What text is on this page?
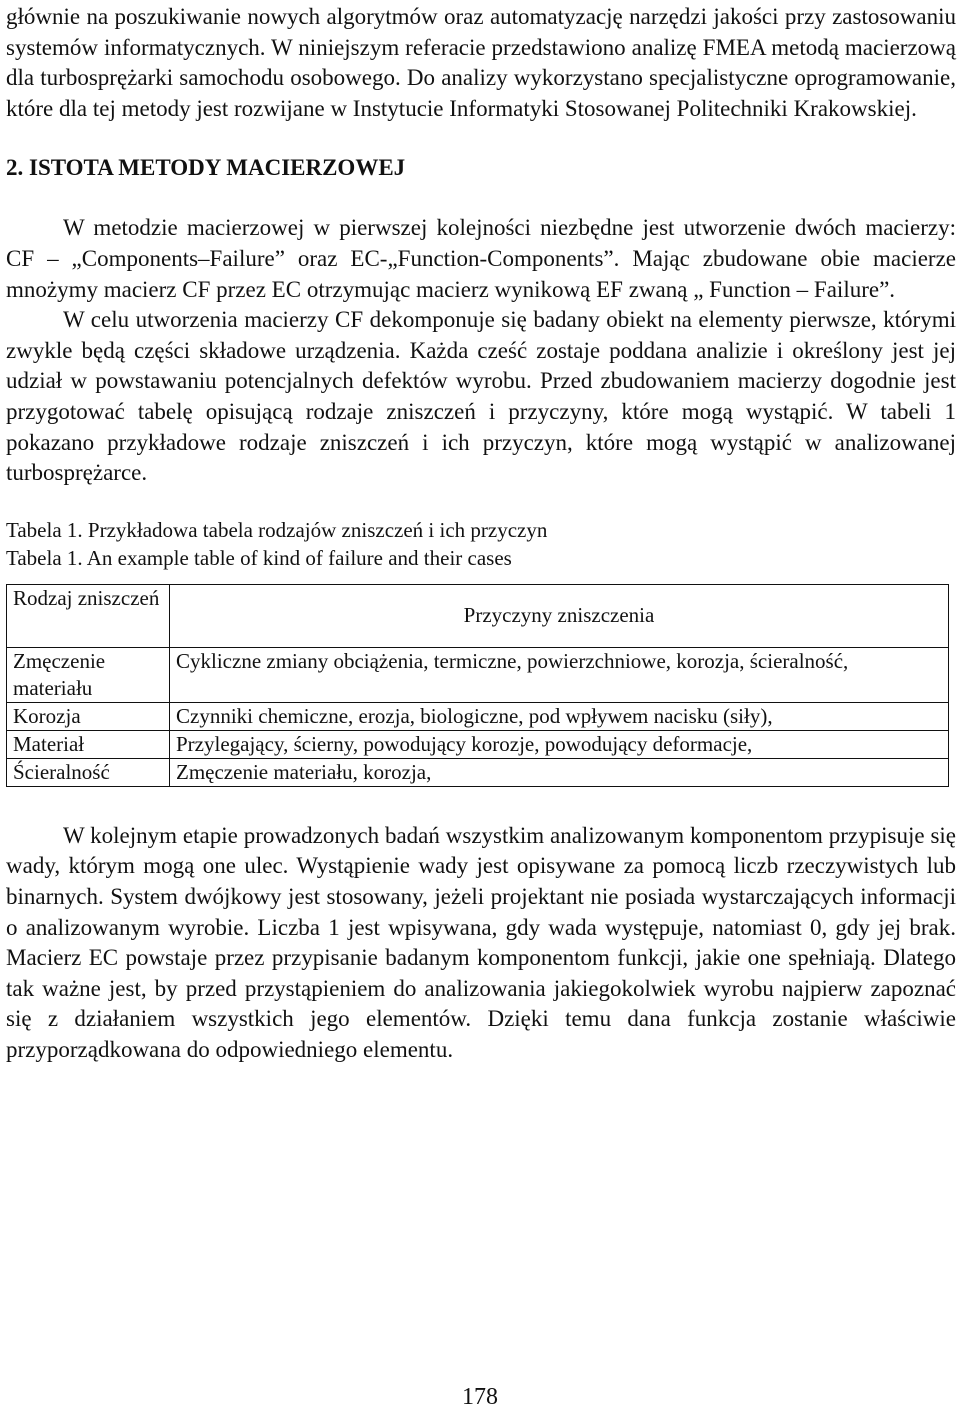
głównie na poszukiwanie nowych algorytmów oraz automatyzację narzędzi jakości przy zastosowaniu systemów informatycznych. W niniejszym referacie przedstawiono analizę FMEA metodą macierzową dla turbosprężarki samochodu osobowego. Do analizy wykorzystano specjalistyczne oprogramowanie, które dla tej metody jest rozwijane w Instytucie Informatyki Stosowanej Politechniki Krakowskiej.

2. ISTOTA METODY MACIERZOWEJ

W metodzie macierzowej w pierwszej kolejności niezbędne jest utworzenie dwóch macierzy: CF – „Components–Failure” oraz EC-„Function-Components”. Mając zbudowane obie macierze mnożymy macierz CF przez EC otrzymując macierz wynikową EF zwaną „ Function – Failure”.

W celu utworzenia macierzy CF dekomponuje się badany obiekt na elementy pierwsze, którymi zwykle będą części składowe urządzenia. Każda cześć zostaje poddana analizie i określony jest jej udział w powstawaniu potencjalnych defektów wyrobu. Przed zbudowaniem macierzy dogodnie jest przygotować tabelę opisującą rodzaje zniszczeń i przyczyny, które mogą wystąpić. W tabeli 1 pokazano przykładowe rodzaje zniszczeń i ich przyczyn, które mogą wystąpić w analizowanej turbosprężarce.

Tabela 1. Przykładowa tabela rodzajów zniszczeń i ich przyczyn

Tabela 1. An example table of kind of failure and their cases

Rodzaj zniszczeń	Przyczyny zniszczenia
Zmęczenie materiału	Cykliczne zmiany obciążenia, termiczne, powierzchniowe, korozja, ścieralność,
Korozja	Czynniki chemiczne, erozja, biologiczne, pod wpływem nacisku (siły),
Materiał	Przylegający, ścierny, powodujący korozje, powodujący deformacje,
Ścieralność	Zmęczenie materiału, korozja,

W kolejnym etapie prowadzonych badań wszystkim analizowanym komponentom przypisuje się wady, którym mogą one ulec. Wystąpienie wady jest opisywane za pomocą liczb rzeczywistych lub binarnych. System dwójkowy jest stosowany, jeżeli projektant nie posiada wystarczających informacji o analizowanym wyrobie. Liczba 1 jest wpisywana, gdy wada występuje, natomiast 0, gdy jej brak. Macierz EC powstaje przez przypisanie badanym komponentom funkcji, jakie one spełniają. Dlatego tak ważne jest, by przed przystąpieniem do analizowania jakiegokolwiek wyrobu najpierw zapoznać się z działaniem wszystkich jego elementów. Dzięki temu dana funkcja zostanie właściwie przyporządkowana do odpowiedniego elementu.

178
